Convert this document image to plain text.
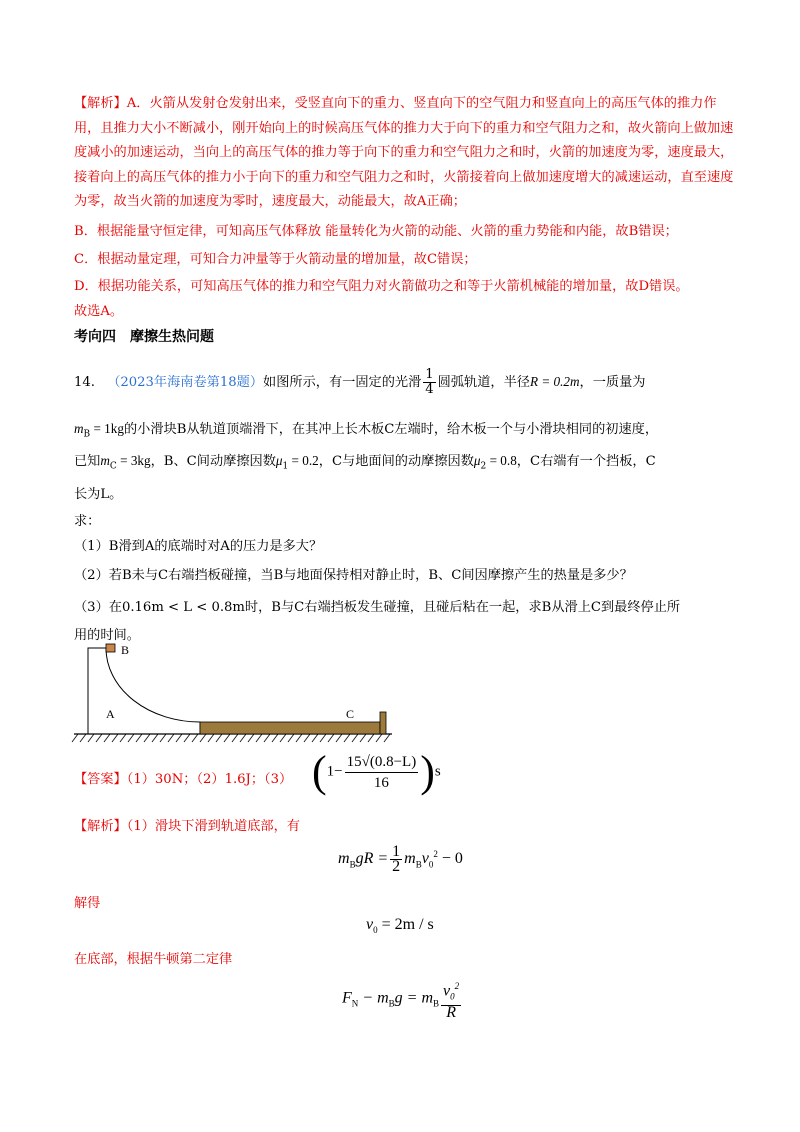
【解析】A．火箭从发射仓发射出来，受竖直向下的重力、竖直向下的空气阻力和竖直向上的高压气体的推力作用，且推力大小不断减小，刚开始向上的时候高压气体的推力大于向下的重力和空气阻力之和，故火箭向上做加速度减小的加速运动，当向上的高压气体的推力等于向下的重力和空气阻力之和时，火箭的加速度为零，速度最大，接着向上的高压气体的推力小于向下的重力和空气阻力之和时，火箭接着向上做加速度增大的减速运动，直至速度为零，故当火箭的加速度为零时，速度最大，动能最大，故A正确；
B．根据能量守恒定律，可知高压气体释放 能量转化为火箭的动能、火箭的重力势能和内能，故B错误；
C．根据动量定理，可知合力冲量等于火箭动量的增加量，故C错误；
D．根据功能关系，可知高压气体的推力和空气阻力对火箭做功之和等于火箭机械能的增加量，故D错误。
故选A。
考向四　摩擦生热问题
14. （2023年海南卷第18题）如图所示，有一固定的光滑 $\frac{1}{4}$ 圆弧轨道，半径R = 0.2m，一质量为
$m_B = 1kg$的小滑块B从轨道顶端滑下，在其冲上长木板C左端时，给木板一个与小滑块相同的初速度，
已知$m_C = 3kg$，B、C间动摩擦因数$\mu_1 = 0.2$，C与地面间的动摩擦因数$\mu_2 = 0.8$，C右端有一个挡板，C
长为L。
求：
（1）B滑到A的底端时对A的压力是多大？
（2）若B未与C右端挡板碰撞，当B与地面保持相对静止时，B、C间因摩擦产生的热量是多少？
（3）在0.16m < L < 0.8m时，B与C右端挡板发生碰撞，且碰后粘在一起，求B从滑上C到最终停止所
用的时间。
B
A	C
【答案】（1）30N；（2）1.6J；（3） $(1- \frac{15√(0.8-L)}{16} )s$
【解析】（1）滑块下滑到轨道底部，有
$m_BgR = \frac{1}{2} m_Bv_0^2 - 0$
解得
$v_0 = 2m / s$
在底部，根据牛顿第二定律
$F_N - m_Bg = m_B \frac{v_0^2}{R}$
